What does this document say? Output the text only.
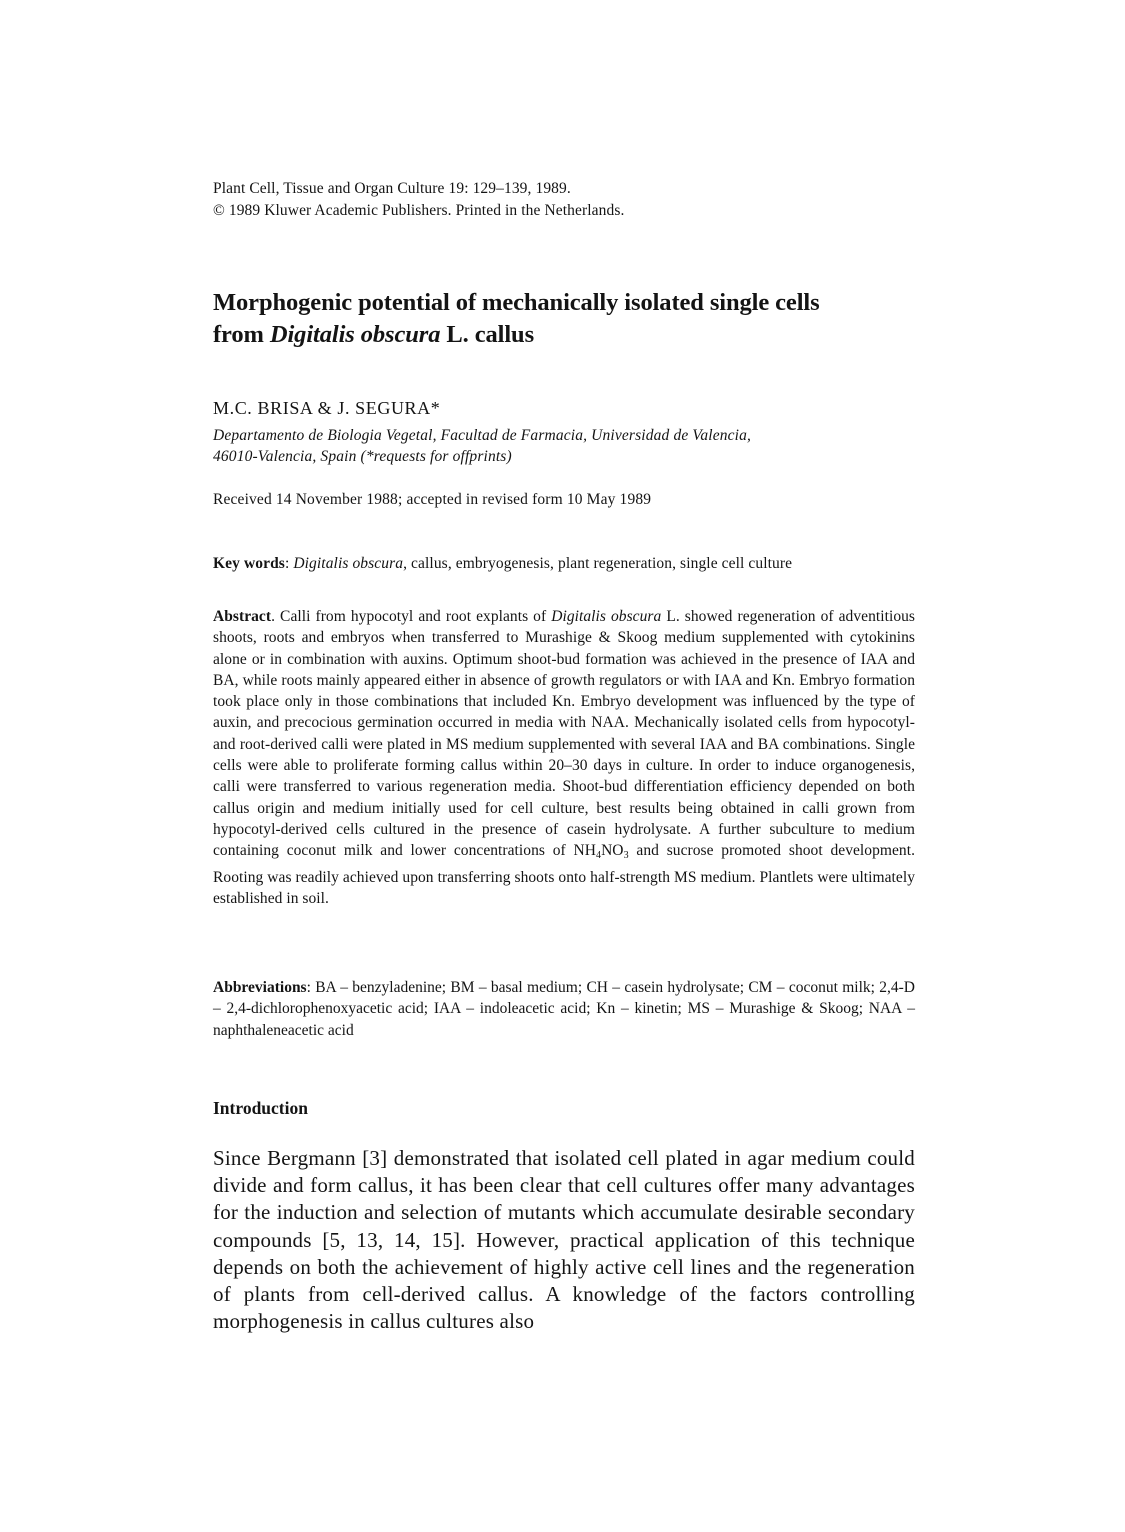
Plant Cell, Tissue and Organ Culture 19: 129–139, 1989.
© 1989 Kluwer Academic Publishers. Printed in the Netherlands.
Morphogenic potential of mechanically isolated single cells
from Digitalis obscura L. callus
M.C. BRISA & J. SEGURA*
Departamento de Biologia Vegetal, Facultad de Farmacia, Universidad de Valencia,
46010-Valencia, Spain (*requests for offprints)
Received 14 November 1988; accepted in revised form 10 May 1989
Key words: Digitalis obscura, callus, embryogenesis, plant regeneration, single cell culture
Abstract. Calli from hypocotyl and root explants of Digitalis obscura L. showed regeneration of adventitious shoots, roots and embryos when transferred to Murashige & Skoog medium supplemented with cytokinins alone or in combination with auxins. Optimum shoot-bud formation was achieved in the presence of IAA and BA, while roots mainly appeared either in absence of growth regulators or with IAA and Kn. Embryo formation took place only in those combinations that included Kn. Embryo development was influenced by the type of auxin, and precocious germination occurred in media with NAA. Mechanically isolated cells from hypocotyl- and root-derived calli were plated in MS medium supplemented with several IAA and BA combinations. Single cells were able to proliferate forming callus within 20–30 days in culture. In order to induce organogenesis, calli were transferred to various regeneration media. Shoot-bud differentiation efficiency depended on both callus origin and medium initially used for cell culture, best results being obtained in calli grown from hypocotyl-derived cells cultured in the presence of casein hydrolysate. A further subculture to medium containing coconut milk and lower concentrations of $NH_4NO_3$ and sucrose promoted shoot development. Rooting was readily achieved upon transferring shoots onto half-strength MS medium. Plantlets were ultimately established in soil.
Abbreviations: BA – benzyladenine; BM – basal medium; CH – casein hydrolysate; CM – coconut milk; 2,4-D – 2,4-dichlorophenoxyacetic acid; IAA – indoleacetic acid; Kn – kinetin; MS – Murashige & Skoog; NAA – naphthaleneacetic acid
Introduction
Since Bergmann [3] demonstrated that isolated cell plated in agar medium could divide and form callus, it has been clear that cell cultures offer many advantages for the induction and selection of mutants which accumulate desirable secondary compounds [5, 13, 14, 15]. However, practical application of this technique depends on both the achievement of highly active cell lines and the regeneration of plants from cell-derived callus. A knowledge of the factors controlling morphogenesis in callus cultures also
